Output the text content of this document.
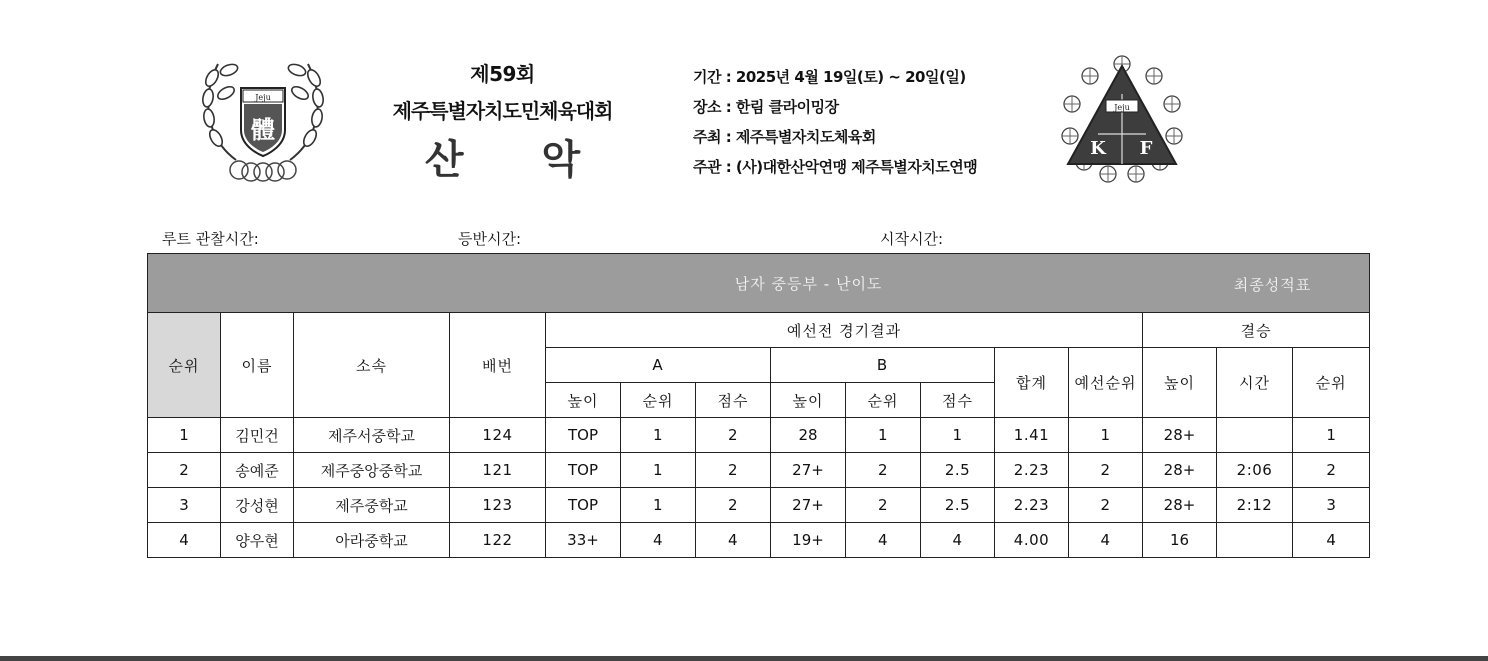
Jeju
體
제59회
제주특별자치도민체육대회
산 악
기간 : 2025년 4월 19일(토) ~ 20일(일)
장소 : 한림 클라이밍장
주최 : 제주특별자치도체육회
주관 : (사)대한산악연맹 제주특별자치도연맹
Jeju
K F
루트 관찰시간:	등반시간:	시작시간:
남자 중등부 - 난이도 최종성적표														

순위	이름	소속	배번	예선전 경기결과								결승		
				A			B			합계	예선순위	높이	시간	순위
				높이	순위	점수	높이	순위	점수					
1	김민건	제주서중학교	124	TOP	1	2	28	1	1	1.41	1	28+		1
2	송예준	제주중앙중학교	121	TOP	1	2	27+	2	2.5	2.23	2	28+	2:06	2
3	강성현	제주중학교	123	TOP	1	2	27+	2	2.5	2.23	2	28+	2:12	3
4	양우현	아라중학교	122	33+	4	4	19+	4	4	4.00	4	16		4
